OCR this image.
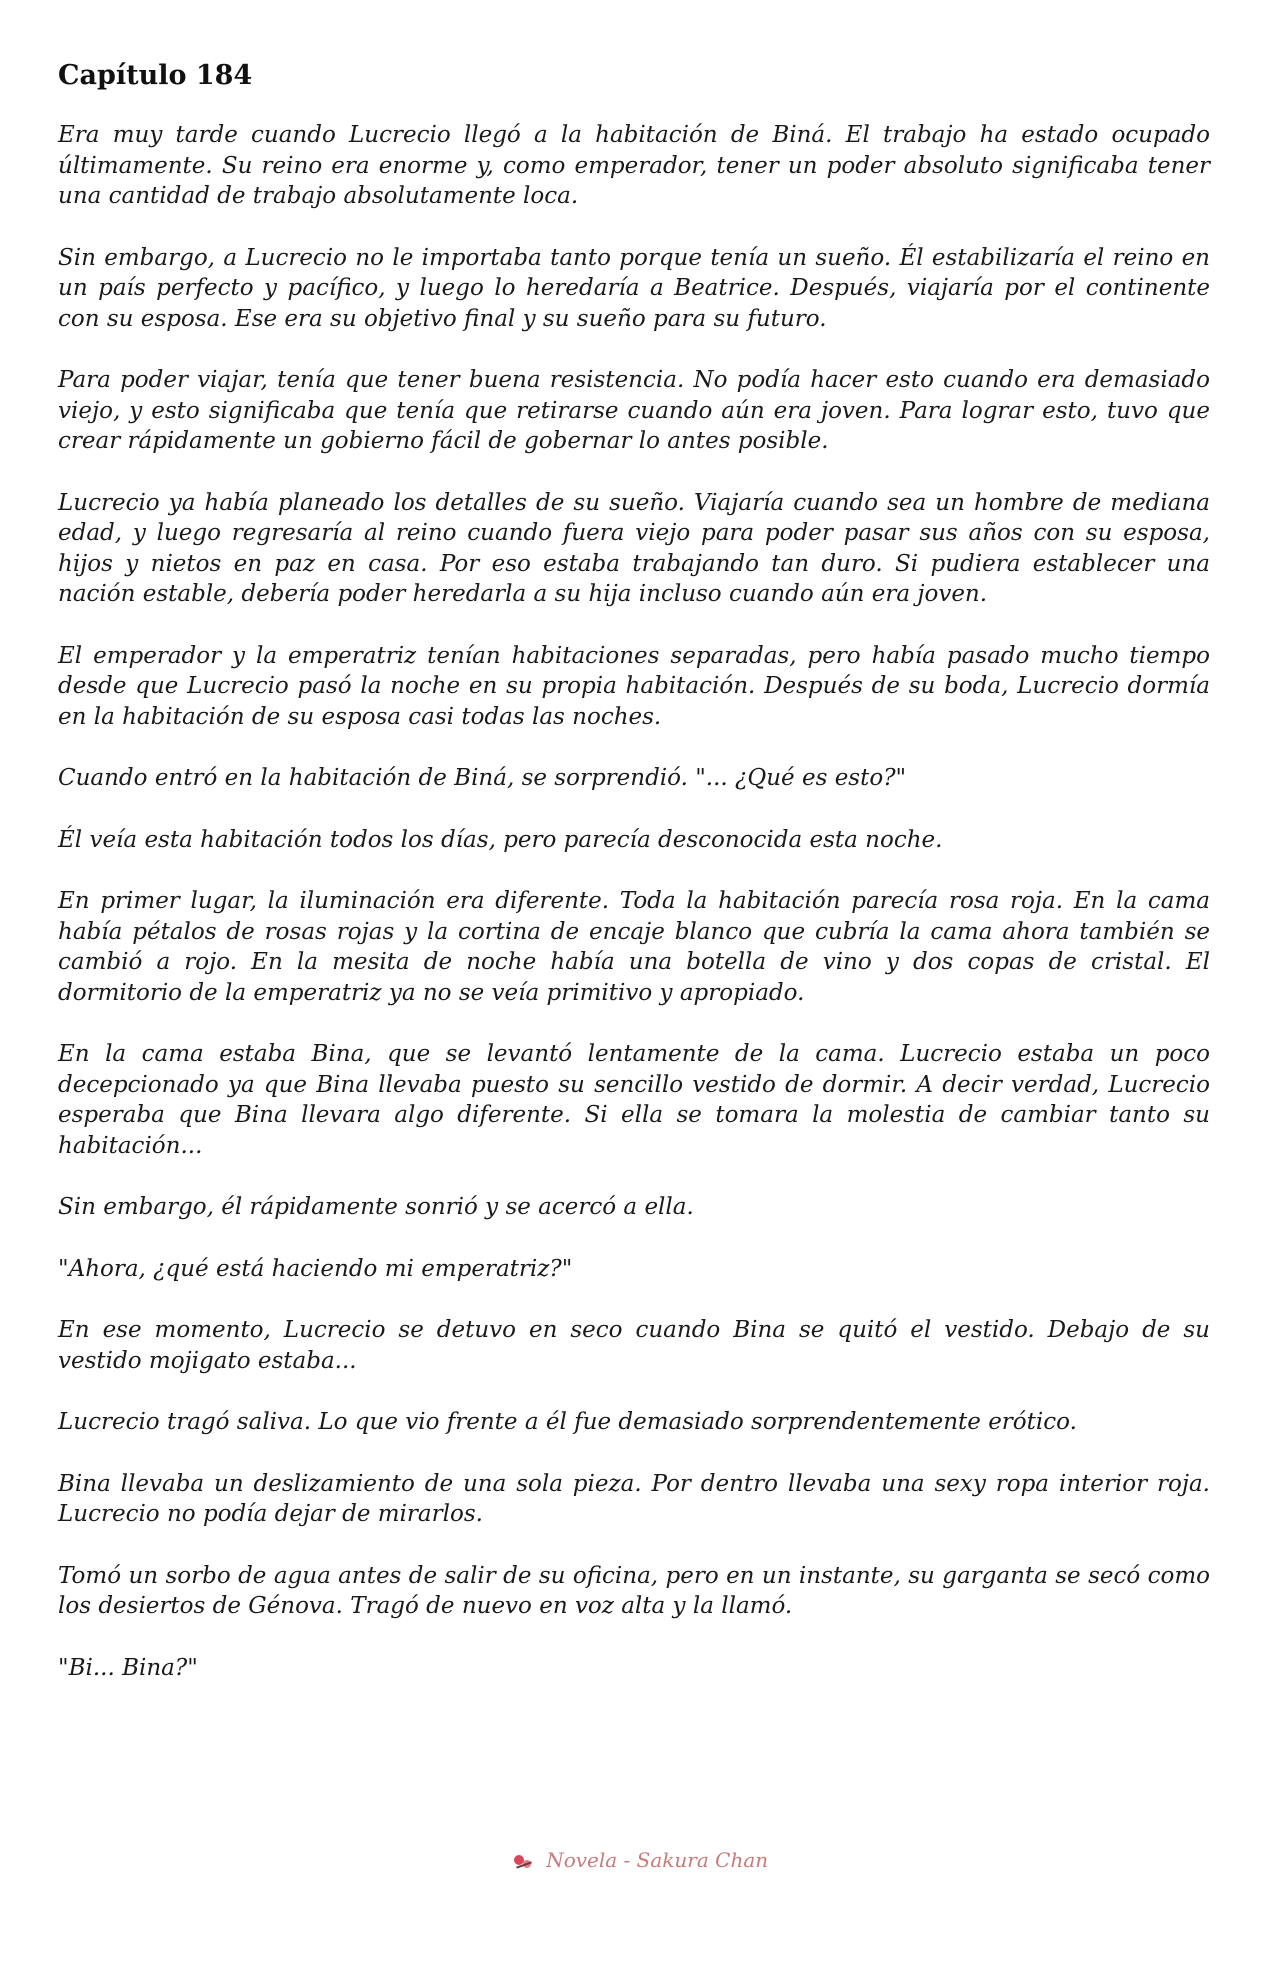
Capítulo 184

Era muy tarde cuando Lucrecio llegó a la habitación de Biná. El trabajo ha estado ocupado últimamente. Su reino era enorme y, como emperador, tener un poder absoluto significaba tener una cantidad de trabajo absolutamente loca.

Sin embargo, a Lucrecio no le importaba tanto porque tenía un sueño. Él estabilizaría el reino en un país perfecto y pacífico, y luego lo heredaría a Beatrice. Después, viajaría por el continente con su esposa. Ese era su objetivo final y su sueño para su futuro.

Para poder viajar, tenía que tener buena resistencia. No podía hacer esto cuando era demasiado viejo, y esto significaba que tenía que retirarse cuando aún era joven. Para lograr esto, tuvo que crear rápidamente un gobierno fácil de gobernar lo antes posible.

Lucrecio ya había planeado los detalles de su sueño. Viajaría cuando sea un hombre de mediana edad, y luego regresaría al reino cuando fuera viejo para poder pasar sus años con su esposa, hijos y nietos en paz en casa. Por eso estaba trabajando tan duro. Si pudiera establecer una nación estable, debería poder heredarla a su hija incluso cuando aún era joven.

El emperador y la emperatriz tenían habitaciones separadas, pero había pasado mucho tiempo desde que Lucrecio pasó la noche en su propia habitación. Después de su boda, Lucrecio dormía en la habitación de su esposa casi todas las noches.

Cuando entró en la habitación de Biná, se sorprendió. "... ¿Qué es esto?"

Él veía esta habitación todos los días, pero parecía desconocida esta noche.

En primer lugar, la iluminación era diferente. Toda la habitación parecía rosa roja. En la cama había pétalos de rosas rojas y la cortina de encaje blanco que cubría la cama ahora también se cambió a rojo. En la mesita de noche había una botella de vino y dos copas de cristal. El dormitorio de la emperatriz ya no se veía primitivo y apropiado.

En la cama estaba Bina, que se levantó lentamente de la cama. Lucrecio estaba un poco decepcionado ya que Bina llevaba puesto su sencillo vestido de dormir. A decir verdad, Lucrecio esperaba que Bina llevara algo diferente. Si ella se tomara la molestia de cambiar tanto su habitación...

Sin embargo, él rápidamente sonrió y se acercó a ella.

"Ahora, ¿qué está haciendo mi emperatriz?"

En ese momento, Lucrecio se detuvo en seco cuando Bina se quitó el vestido. Debajo de su vestido mojigato estaba...

Lucrecio tragó saliva. Lo que vio frente a él fue demasiado sorprendentemente erótico.

Bina llevaba un deslizamiento de una sola pieza. Por dentro llevaba una sexy ropa interior roja. Lucrecio no podía dejar de mirarlos.

Tomó un sorbo de agua antes de salir de su oficina, pero en un instante, su garganta se secó como los desiertos de Génova. Tragó de nuevo en voz alta y la llamó.

"Bi... Bina?"

Novela - Sakura Chan
